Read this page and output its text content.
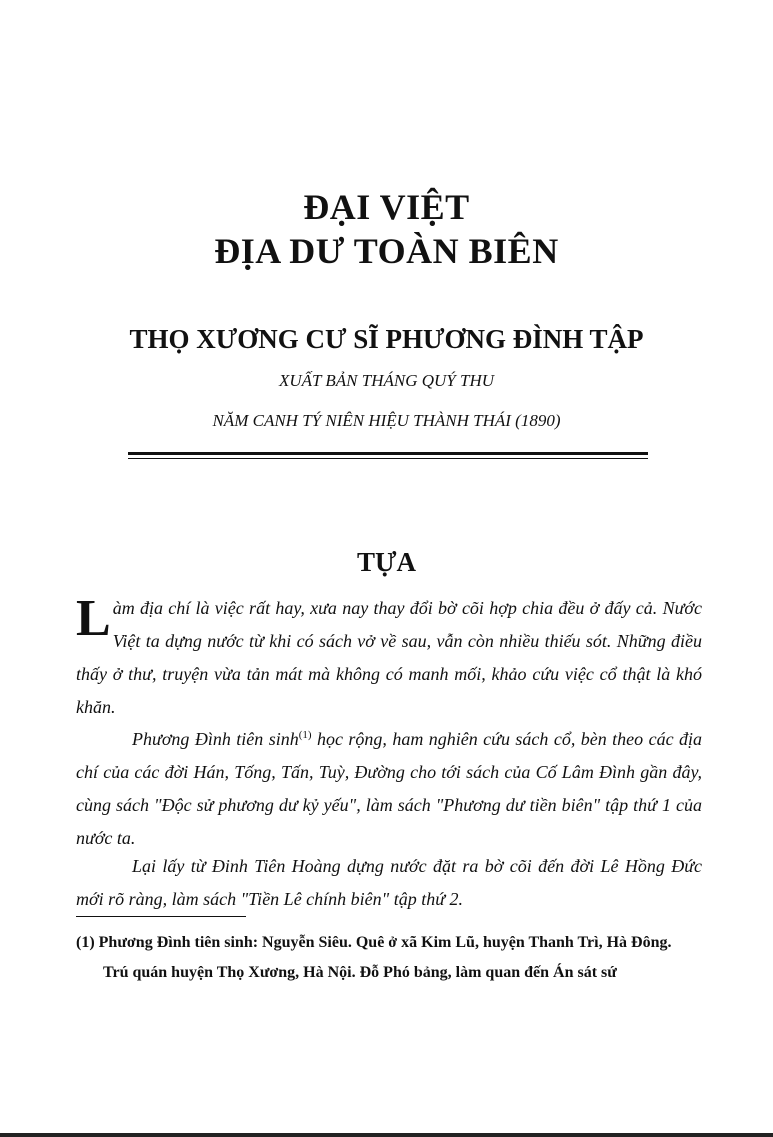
ĐẠI VIỆT
ĐỊA DƯ TOÀN BIÊN
THỌ XƯƠNG CƯ SĨ PHƯƠNG ĐÌNH TẬP
XUẤT BẢN THÁNG QUÝ THU
NĂM CANH TÝ NIÊN HIỆU THÀNH THÁI (1890)
TỰA
Làm địa chí là việc rất hay, xưa nay thay đổi bờ cõi hợp chia đều ở đấy cả. Nước Việt ta dựng nước từ khi có sách vở về sau, vẫn còn nhiều thiếu sót. Những điều thấy ở thư, truyện vừa tản mát mà không có manh mối, khảo cứu việc cổ thật là khó khăn.
Phương Đình tiên $\sinh^{(1)}$ học rộng, ham nghiên cứu sách cổ, bèn theo các địa chí của các đời Hán, Tống, Tấn, Tuỳ, Đường cho tới sách của Cố Lâm Đình gần đây, cùng sách "Độc sử phương dư kỷ yếu", làm sách "Phương dư tiền biên" tập thứ 1 của nước ta.
Lại lấy từ Đinh Tiên Hoàng dựng nước đặt ra bờ cõi đến đời Lê Hồng Đức mới rõ ràng, làm sách "Tiền Lê chính biên" tập thứ 2.
(1) Phương Đình tiên sinh: Nguyễn Siêu. Quê ở xã Kim Lũ, huyện Thanh Trì, Hà Đông. Trú quán huyện Thọ Xương, Hà Nội. Đỗ Phó bảng, làm quan đến Án sát sứ
